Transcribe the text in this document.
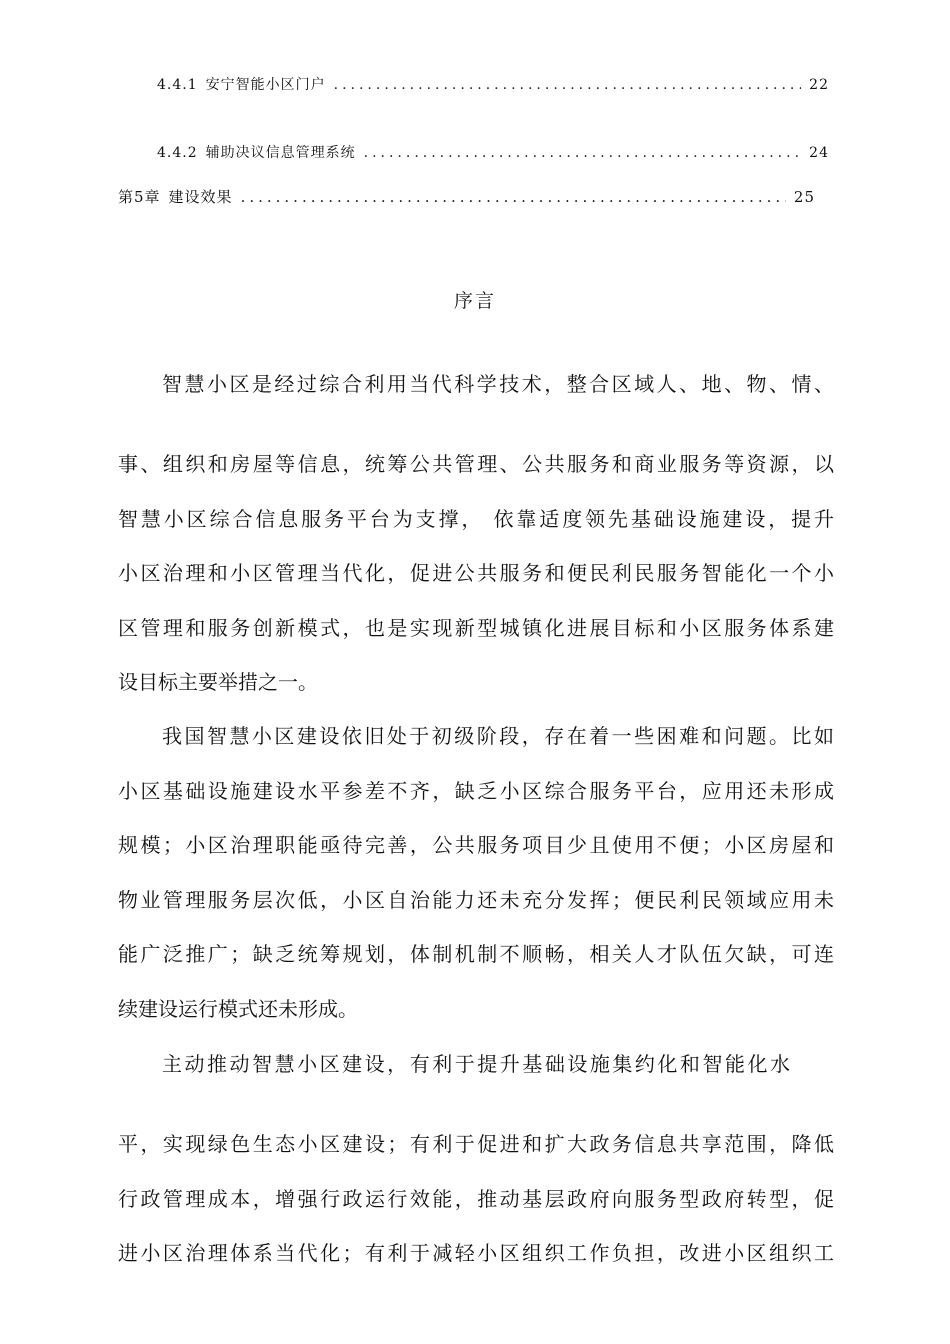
4.4.1 安宁智能小区门户 .....	22
4.4.2 辅助决议信息管理系统 .....	24
第5章 建设效果 .....	25
序言
智慧小区是经过综合利用当代科学技术，整合区域人、地、物、情、
事、组织和房屋等信息，统筹公共管理、公共服务和商业服务等资源，以
智慧小区综合信息服务平台为支撑， 依靠适度领先基础设施建设，提升
小区治理和小区管理当代化，促进公共服务和便民利民服务智能化一个小
区管理和服务创新模式，也是实现新型城镇化进展目标和小区服务体系建
设目标主要举措之一。
我国智慧小区建设依旧处于初级阶段，存在着一些困难和问题。比如
小区基础设施建设水平参差不齐，缺乏小区综合服务平台，应用还未形成
规模；小区治理职能亟待完善，公共服务项目少且使用不便；小区房屋和
物业管理服务层次低，小区自治能力还未充分发挥；便民利民领域应用未
能广泛推广；缺乏统筹规划，体制机制不顺畅，相关人才队伍欠缺，可连
续建设运行模式还未形成。
主动推动智慧小区建设，有利于提升基础设施集约化和智能化水
平，实现绿色生态小区建设；有利于促进和扩大政务信息共享范围，降低
行政管理成本，增强行政运行效能，推动基层政府向服务型政府转型，促
进小区治理体系当代化；有利于减轻小区组织工作负担，改进小区组织工
